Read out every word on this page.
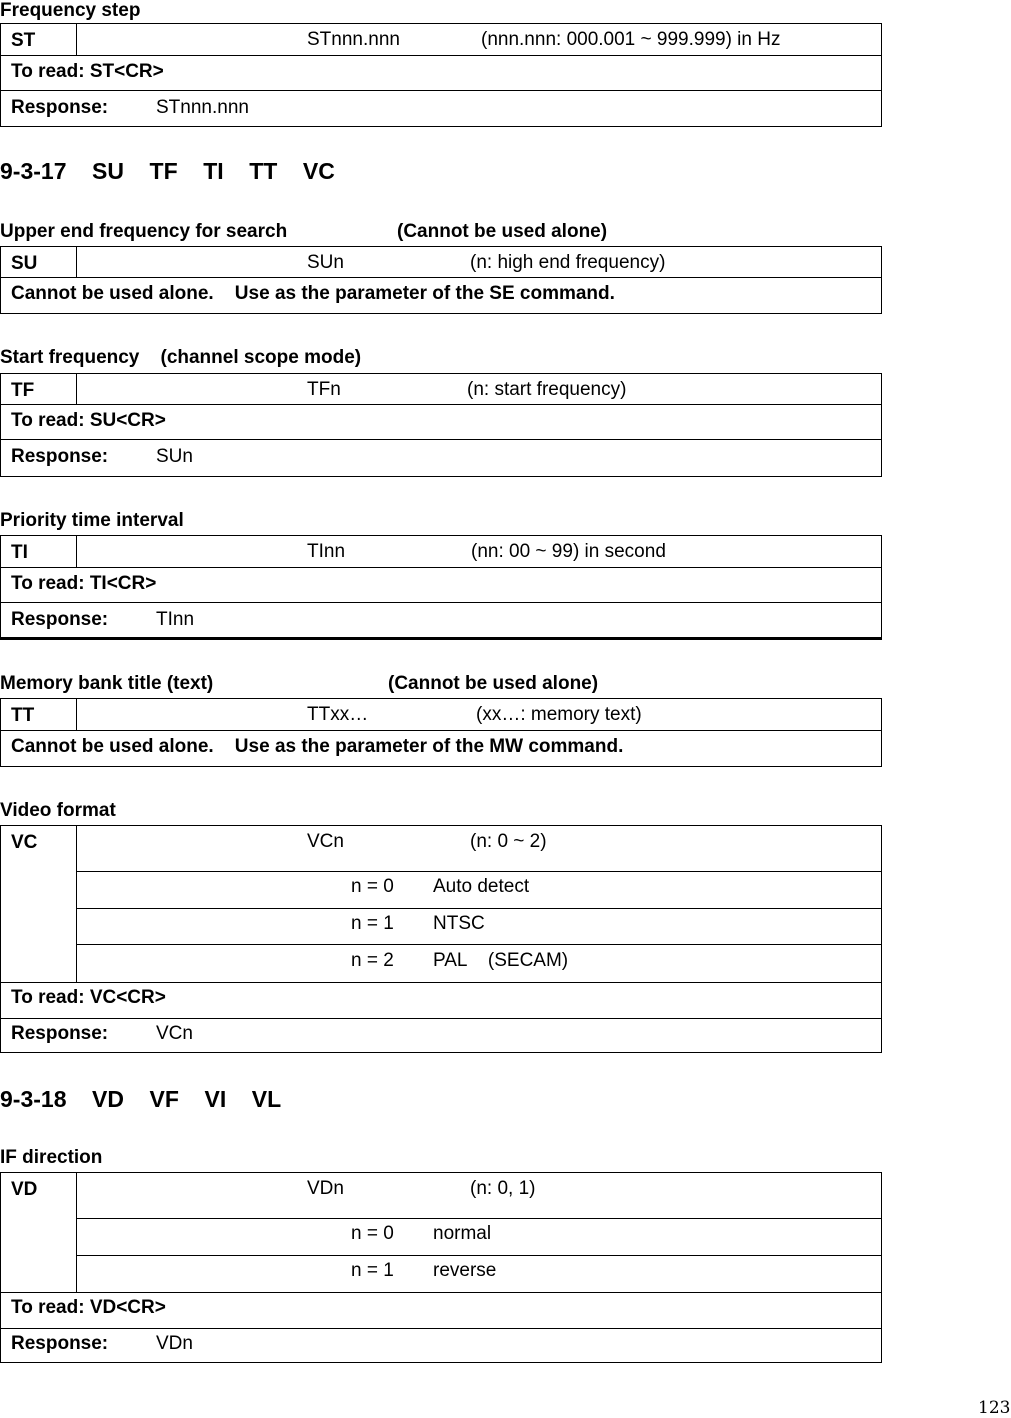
Frequency step
ST	STnnn.nnn	(nnn.nnn: 000.001 ~ 999.999) in Hz
To read: ST<CR>
Response:	STnnn.nnn
9-3-17    SU    TF    TI    TT    VC
Upper end frequency for search	(Cannot be used alone)
SU	SUn	(n: high end frequency)
Cannot be used alone.    Use as the parameter of the SE command.
Start frequency    (channel scope mode)
TF	TFn	(n: start frequency)
To read: SU<CR>
Response:	SUn
Priority time interval
TI	TInn	(nn: 00 ~ 99) in second
To read: TI<CR>
Response:	TInn
Memory bank title (text)	(Cannot be used alone)
TT	TTxx…	(xx…: memory text)
Cannot be used alone.    Use as the parameter of the MW command.
Video format
VC	VCn	(n: 0 ~ 2)
n = 0 Auto detect
n = 1 NTSC
n = 2 PAL    (SECAM)
To read: VC<CR>
Response:	VCn
9-3-18    VD    VF    VI    VL
IF direction
VD	VDn	(n: 0, 1)
n = 0 normal
n = 1 reverse
To read: VD<CR>
Response:	VDn
123
